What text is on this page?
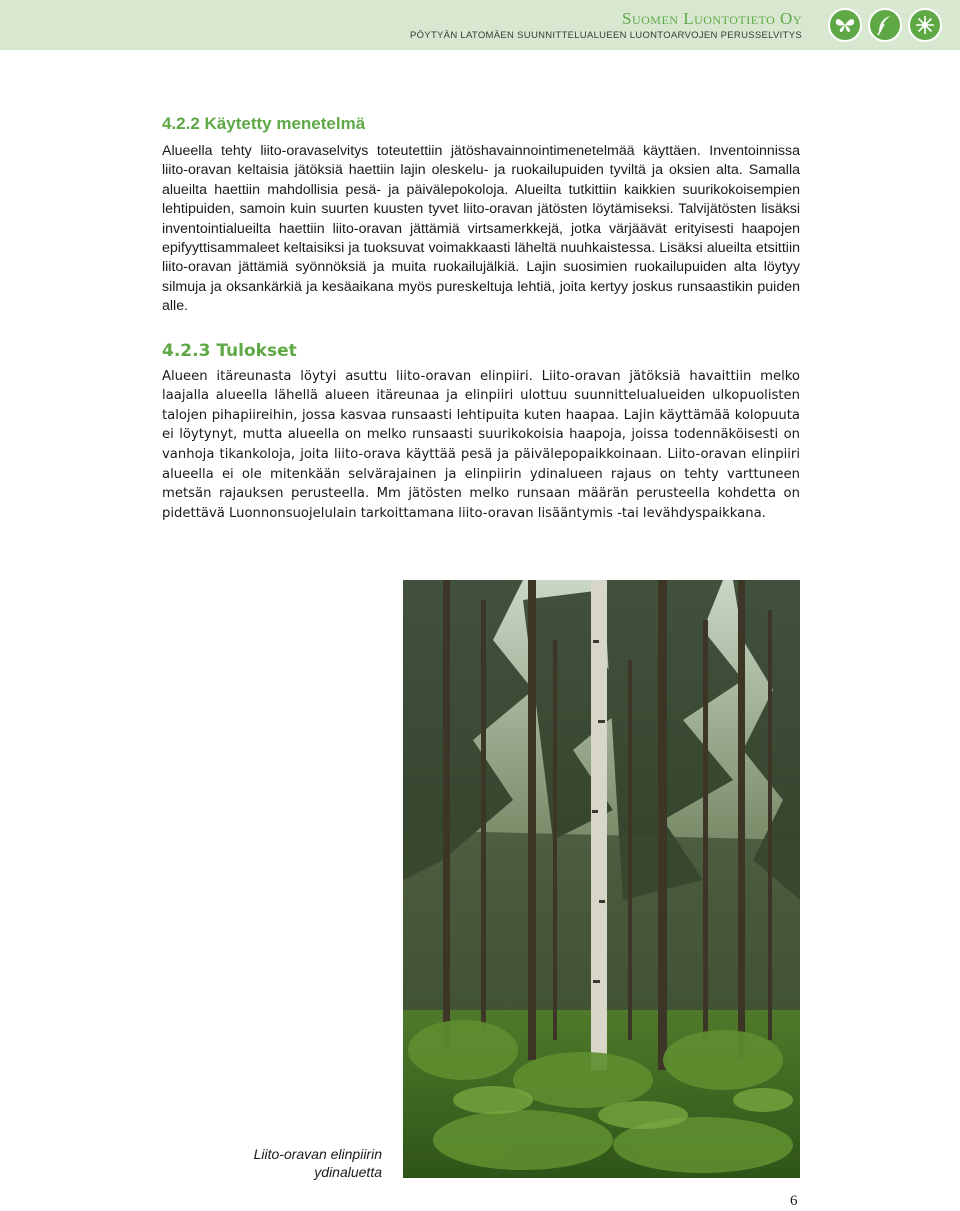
Suomen Luontotieto Oy
PÖYTYÄN LATOMÄEN SUUNNITTELUALUEEN LUONTOARVOJEN PERUSSELVITYS
4.2.2 Käytetty menetelmä

Alueella tehty liito-oravaselvitys toteutettiin jätöshavainnointimenetelmää käyttäen. Inventoinnissa liito-oravan keltaisia jätöksiä haettiin lajin oleskelu- ja ruokailupuiden tyviltä ja oksien alta. Samalla alueilta haettiin mahdollisia pesä- ja päivälepokoloja. Alueilta tutkittiin kaikkien suurikokoisempien lehtipuiden, samoin kuin suurten kuusten tyvet liito-oravan jätösten löytämiseksi. Talvijätösten lisäksi inventointialueilta haettiin liito-oravan jättämiä virtsamerkkejä, jotka värjäävät erityisesti haapojen epifyyttisammaleet keltaisiksi ja tuoksuvat voimakkaasti läheltä nuuhkaistessa. Lisäksi alueilta etsittiin liito-oravan jättämiä syönnöksiä ja muita ruokailujälkiä. Lajin suosimien ruokailupuiden alta löytyy silmuja ja oksankärkiä ja kesäaikana myös pureskeltuja lehtiä, joita kertyy joskus runsaastikin puiden alle.

4.2.3 Tulokset

Alueen itäreunasta löytyi asuttu liito-oravan elinpiiri. Liito-oravan jätöksiä havaittiin melko laajalla alueella lähellä alueen itäreunaa ja elinpiiri ulottuu suunnittelualueiden ulkopuolisten talojen pihapiireihin, jossa kasvaa runsaasti lehtipuita kuten haapaa. Lajin käyttämää kolopuuta ei löytynyt, mutta alueella on melko runsaasti suurikokoisia haapoja, joissa todennäköisesti on vanhoja tikankoloja, joita liito-orava käyttää pesä ja päivälepopaikkoinaan. Liito-oravan elinpiiri alueella ei ole mitenkään selvärajainen ja elinpiirin ydinalueen rajaus on tehty varttuneen metsän rajauksen perusteella. Mm jätösten melko runsaan määrän perusteella kohdetta on pidettävä Luonnonsuojelulain tarkoittamana liito-oravan lisääntymis -tai levähdyspaikkana.

Liito-oravan elinpiirin
ydinaluetta
6
